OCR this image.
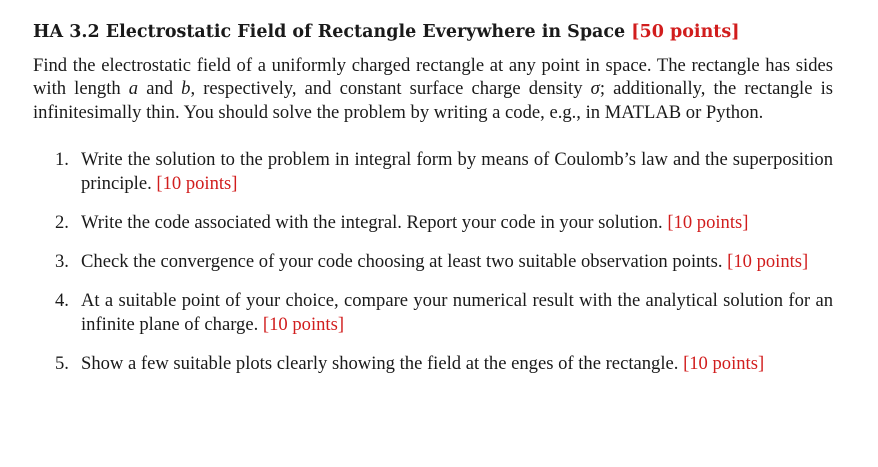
HA 3.2 Electrostatic Field of Rectangle Everywhere in Space [50 points]

Find the electrostatic field of a uniformly charged rectangle at any point in space. The rectangle has sides with length a and b, respectively, and constant surface charge density σ; additionally, the rectangle is infinitesimally thin. You should solve the problem by writing a code, e.g., in MATLAB or Python.

1. Write the solution to the problem in integral form by means of Coulomb’s law and the superposition principle. [10 points]
2. Write the code associated with the integral. Report your code in your solution. [10 points]
3. Check the convergence of your code choosing at least two suitable observation points. [10 points]
4. At a suitable point of your choice, compare your numerical result with the analytical solution for an infinite plane of charge. [10 points]
5. Show a few suitable plots clearly showing the field at the enges of the rectangle. [10 points]
